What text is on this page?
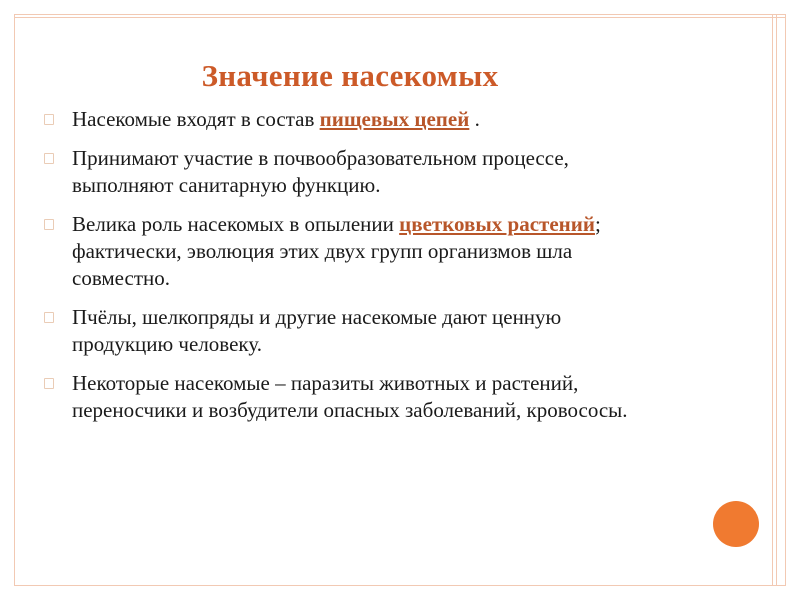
Значение насекомых
Насекомые входят в состав пищевых цепей .
Принимают участие в почвообразовательном процессе, выполняют санитарную функцию.
Велика роль насекомых в опылении цветковых растений; фактически, эволюция этих двух групп организмов шла совместно.
Пчёлы, шелкопряды и другие насекомые дают ценную продукцию человеку.
Некоторые насекомые – паразиты животных и растений, переносчики и возбудители опасных заболеваний, кровососы.
